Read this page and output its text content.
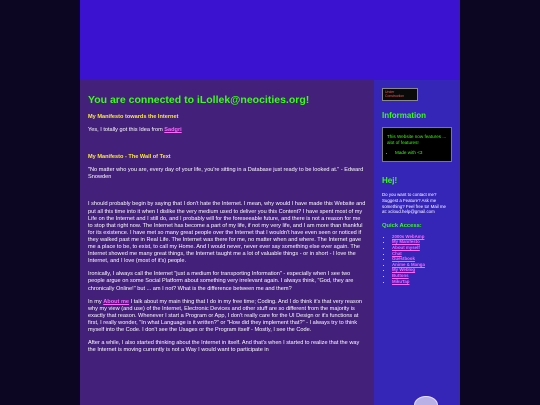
You are connected to iLollek@neocities.org!
My Manifesto towards the Internet

Yes, I totally got this Idea from Sadgri

My Manifesto - The Wall of Text

"No matter who you are, every day of your life, you're sitting in a Database just ready to be looked at." - Edward Snowden

I should probably begin by saying that I don't hate the Internet. I mean, why would I have made this Website and put all this time into it when I dislike the very medium used to deliver you this Content? I have spent most of my Life on the Internet and I still do, and I probably will for the foreseeable future, and there is not a reason for me to stop that right now. The Internet has become a part of my life, if not my very life, and I am more than thankful for its existence. I have met so many great people over the Internet that I wouldn't have even seen or noticed if they walked past me in Real Life. The Internet was there for me, no matter when and where. The Internet gave me a place to be, to exist, to call my Home. And I would never, never ever say something else ever again. The Internet showed me many great things, the Internet taught me a lot of valuable things - or in short - I love the Internet, and I love (most of it's) people.

Ironically, I always call the Internet "just a medium for transporting Information" - especially when I see two people argue on some Social Platform about something very irrelevant again. I always think, "God, they are chronically Online!" but ... am I not? What is the difference between me and them?

In my About me I talk about my main thing that I do in my free time; Coding. And I do think it's that very reason why my view (and use) of the Internet, Electronic Devices and other stuff are so different from the majority is exactly that reason. Whenever I start a Program or App, I don't really care for the UI Design or it's functions at first, I really wonder, "In what Language is it written?" or "How did they implement that?" - I always try to think myself into the Code. I don't see the Usages or the Program itself - Mostly, I see the Code.

After a while, I also started thinking about the Internet in itself. And that's when I started to realize that the way the Internet is moving currently is not a Way I would want to participate in

Under
Construction
Information
This Website now features ... alot of features!
• Made with <3
Hej!
Do you want to contact me? Suggest a Feature? Ask me something? Feel free to! Mail me at: xcloud.help@gmail.com
Quick Access:
• 2000s WebAmp
• My Manifesto
• About myself
• Chat
• Guestbook
• Anime & Manga
• My Weblog
• Buttons
• MikuTap
